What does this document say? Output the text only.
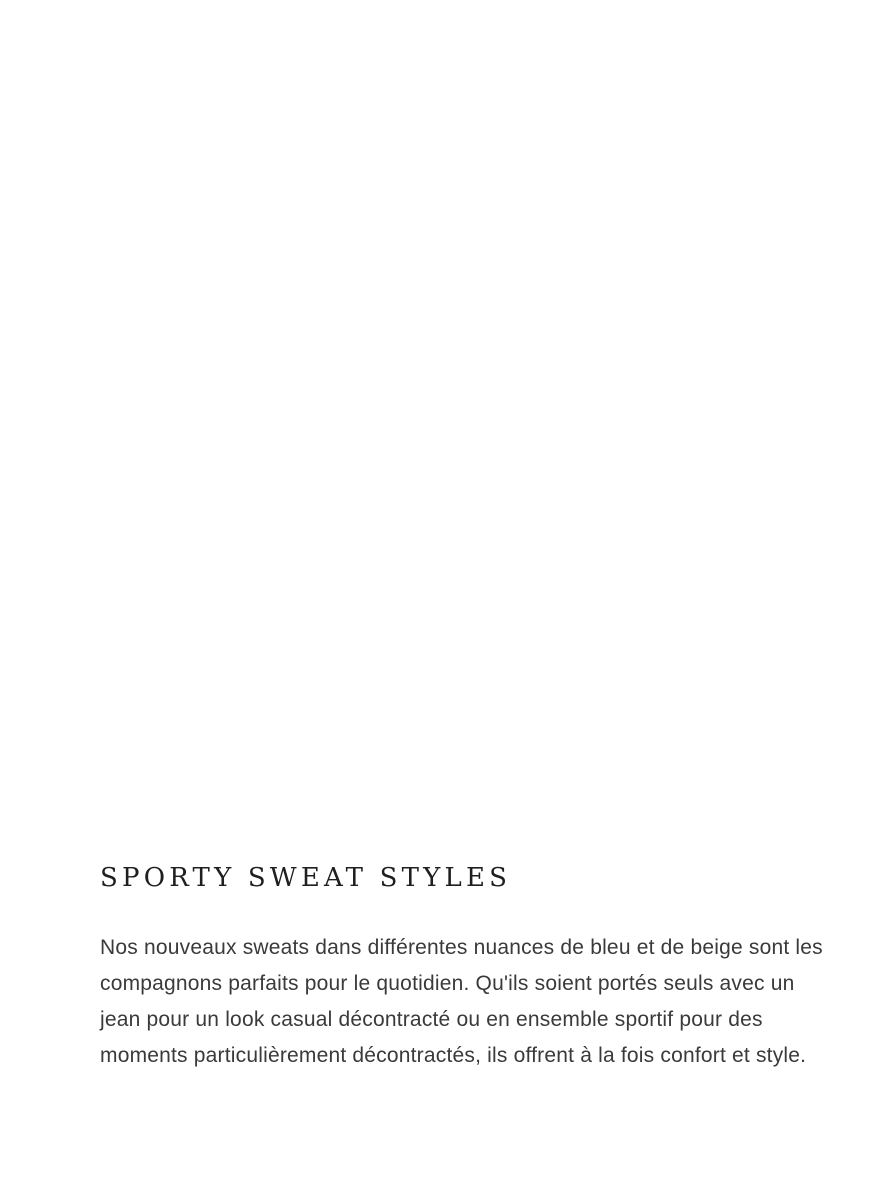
SPORTY SWEAT STYLES

Nos nouveaux sweats dans différentes nuances de bleu et de beige sont les compagnons parfaits pour le quotidien. Qu'ils soient portés seuls avec un jean pour un look casual décontracté ou en ensemble sportif pour des moments particulièrement décontractés, ils offrent à la fois confort et style.
